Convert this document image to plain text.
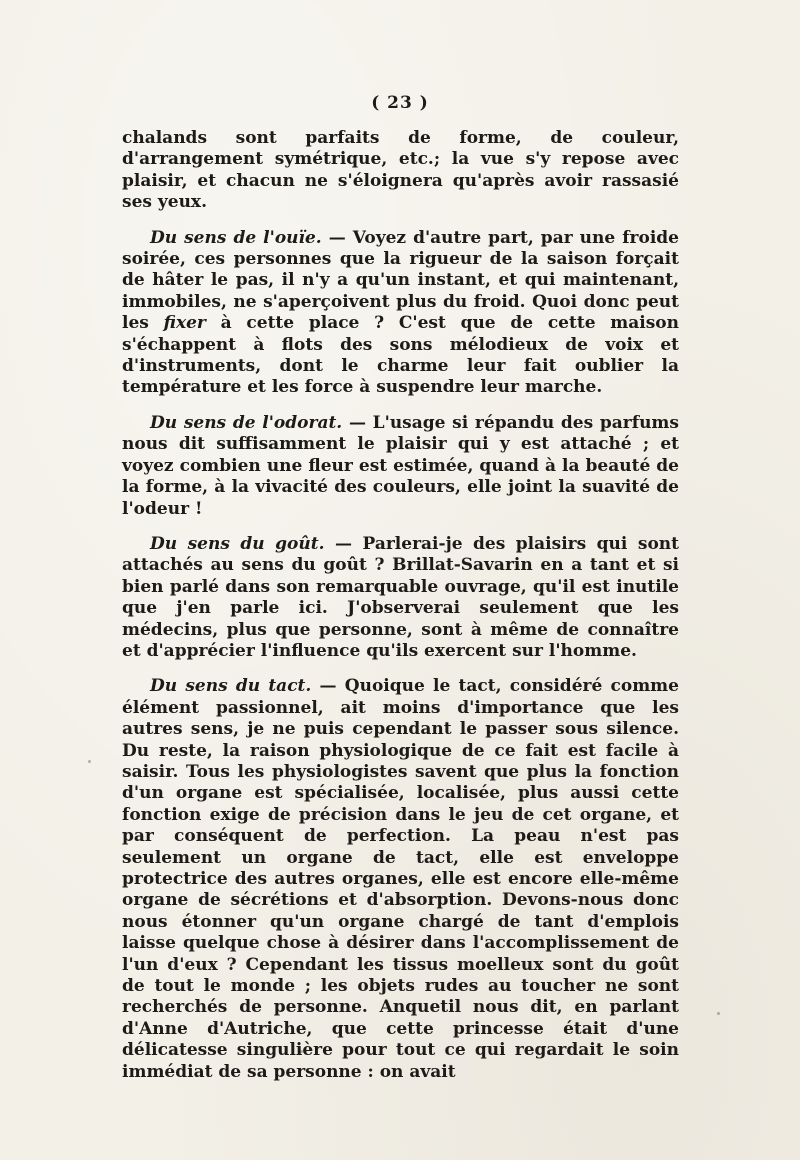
( 23 )

chalands sont parfaits de forme, de couleur, d'arrangement symétrique, etc.; la vue s'y repose avec plaisir, et chacun ne s'éloignera qu'après avoir rassasié ses yeux.

Du sens de l'ouïe. — Voyez d'autre part, par une froide soirée, ces personnes que la rigueur de la saison forçait de hâter le pas, il n'y a qu'un instant, et qui maintenant, immobiles, ne s'aperçoivent plus du froid. Quoi donc peut les fixer à cette place ? C'est que de cette maison s'échappent à flots des sons mélodieux de voix et d'instruments, dont le charme leur fait oublier la température et les force à suspendre leur marche.

Du sens de l'odorat. — L'usage si répandu des parfums nous dit suffisamment le plaisir qui y est attaché ; et voyez combien une fleur est estimée, quand à la beauté de la forme, à la vivacité des couleurs, elle joint la suavité de l'odeur !

Du sens du goût. — Parlerai-je des plaisirs qui sont attachés au sens du goût ? Brillat-Savarin en a tant et si bien parlé dans son remarquable ouvrage, qu'il est inutile que j'en parle ici. J'observerai seulement que les médecins, plus que personne, sont à même de connaître et d'apprécier l'influence qu'ils exercent sur l'homme.

Du sens du tact. — Quoique le tact, considéré comme élément passionnel, ait moins d'importance que les autres sens, je ne puis cependant le passer sous silence. Du reste, la raison physiologique de ce fait est facile à saisir. Tous les physiologistes savent que plus la fonction d'un organe est spécialisée, localisée, plus aussi cette fonction exige de précision dans le jeu de cet organe, et par conséquent de perfection. La peau n'est pas seulement un organe de tact, elle est enveloppe protectrice des autres organes, elle est encore elle-même organe de sécrétions et d'absorption. Devons-nous donc nous étonner qu'un organe chargé de tant d'emplois laisse quelque chose à désirer dans l'accomplissement de l'un d'eux ? Cependant les tissus moelleux sont du goût de tout le monde ; les objets rudes au toucher ne sont recherchés de personne. Anquetil nous dit, en parlant d'Anne d'Autriche, que cette princesse était d'une délicatesse singulière pour tout ce qui regardait le soin immédiat de sa personne : on avait
